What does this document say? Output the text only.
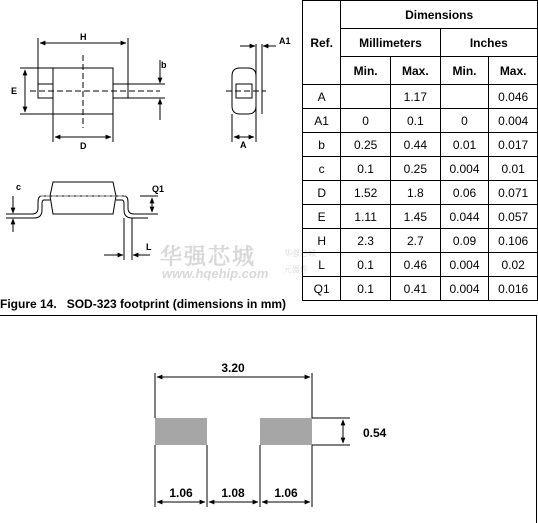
H
E
D
b
A1
A
c	Q1
L 华强芯城
www.hqehip.com
华强芯城
元器件
Ref.	Dimensions			
	Millimeters		Inches	
	Min.	Max.	Min.	Max.
A		1.17		0.046
A1	0	0.1	0	0.004
b	0.25	0.44	0.01	0.017
c	0.1	0.25	0.004	0.01
D	1.52	1.8	0.06	0.071
E	1.11	1.45	0.044	0.057
H	2.3	2.7	0.09	0.106
L	0.1	0.46	0.004	0.02
Q1	0.1	0.41	0.004	0.016
Figure 14. SOD-323 footprint (dimensions in mm)
3.20
0.54
1.06 1.08 1.06
